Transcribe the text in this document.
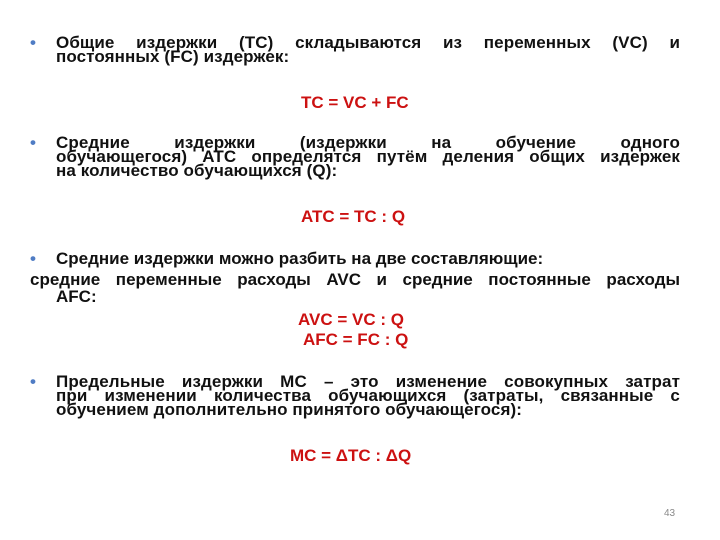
• Общие издержки (ТС) складываются из переменных (VC) и
постоянных (FC) издержек:
TC = VC + FC
• Средние издержки (издержки на обучение одного
обучающегося) ATC определятся путём деления общих издержек
на количество обучающихся (Q):
ATC = TC : Q
• Средние издержки можно разбить на две составляющие:
средние переменные расходы AVC и средние постоянные расходы
AFC:
AVC = VC : Q
AFC = FC : Q
• Предельные издержки MC – это изменение совокупных затрат
при изменении количества обучающихся (затраты, связанные с
обучением дополнительно принятого обучающегося):
MC = ΔTC : ΔQ
43
